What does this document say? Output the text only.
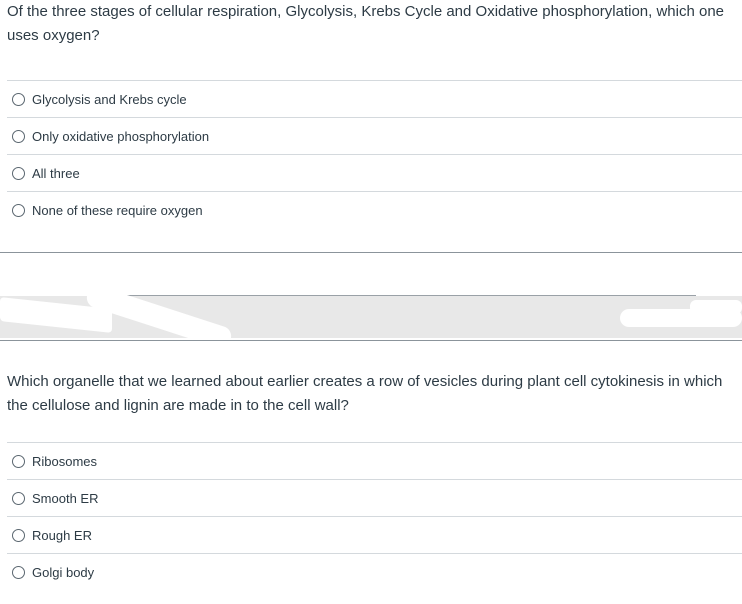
Of the three stages of cellular respiration, Glycolysis, Krebs Cycle and Oxidative phosphorylation, which one uses oxygen?
Glycolysis and Krebs cycle
Only oxidative phosphorylation
All three
None of these require oxygen
Which organelle that we learned about earlier creates a row of vesicles during plant cell cytokinesis in which the cellulose and lignin are made in to the cell wall?
Ribosomes
Smooth ER
Rough ER
Golgi body
